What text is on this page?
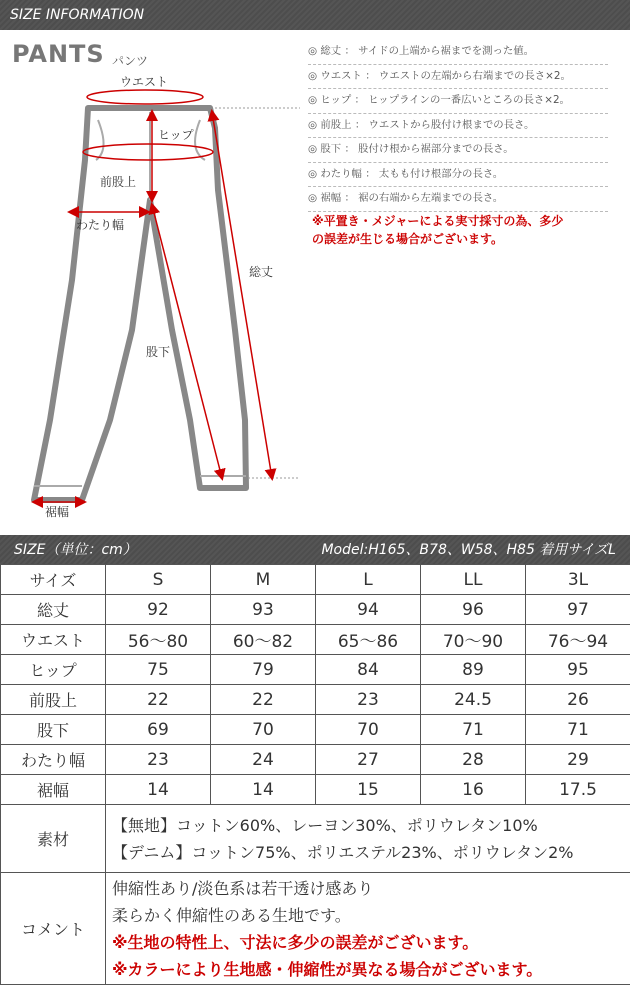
SIZE INFORMATION
PANTS パンツ
ウエスト
ヒップ
前股上
わたり幅
総丈
股下
裾幅
◎ 総丈 ： サイドの上端から裾までを測った値。
◎ ウエスト ： ウエストの左端から右端までの長さ×2。
◎ ヒップ ： ヒップラインの一番広いところの長さ×2。
◎ 前股上 ： ウエストから股付け根までの長さ。
◎ 股下 ： 股付け根から裾部分までの長さ。
◎ わたり幅 ： 太もも付け根部分の長さ。
◎ 裾幅 ： 裾の右端から左端までの長さ。
※平置き・メジャーによる実寸採寸の為、多少
の誤差が生じる場合がございます。
SIZE（単位：cm）	Model:H165、B78、W58、H85 着用サイズL
サイズ	S	M	L	LL	3L
総丈	92	93	94	96	97
ウエスト	56〜80	60〜82	65〜86	70〜90	76〜94
ヒップ	75	79	84	89	95
前股上	22	22	23	24.5	26
股下	69	70	70	71	71
わたり幅	23	24	27	28	29
裾幅	14	14	15	16	17.5
素材	【無地】コットン60%、レーヨン30%、ポリウレタン10%
【デニム】コットン75%、ポリエステル23%、ポリウレタン2%				

コメント	伸縮性あり/淡色系は若干透け感あり
柔らかく伸縮性のある生地です。
※生地の特性上、寸法に多少の誤差がございます。
※カラーにより生地感・伸縮性が異なる場合がございます。				
